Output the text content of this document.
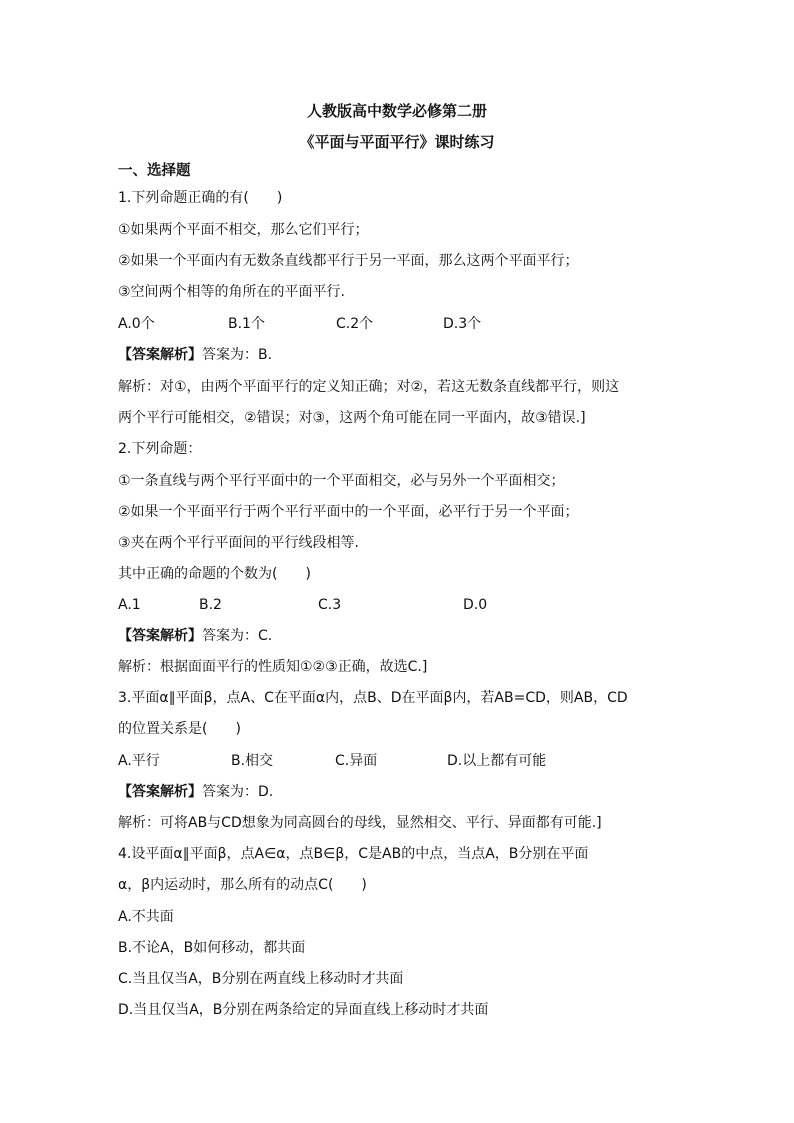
人教版高中数学必修第二册
《平面与平面平行》课时练习
一、选择题
1.下列命题正确的有(　　)
①如果两个平面不相交，那么它们平行；
②如果一个平面内有无数条直线都平行于另一平面，那么这两个平面平行；
③空间两个相等的角所在的平面平行.
A.0个	B.1个	C.2个	D.3个
【答案解析】答案为：B.
解析：对①，由两个平面平行的定义知正确；对②，若这无数条直线都平行，则这
两个平行可能相交，②错误；对③，这两个角可能在同一平面内，故③错误.]
2.下列命题：
①一条直线与两个平行平面中的一个平面相交，必与另外一个平面相交；
②如果一个平面平行于两个平行平面中的一个平面，必平行于另一个平面；
③夹在两个平行平面间的平行线段相等.
其中正确的命题的个数为(　　)
A.1	B.2	C.3	D.0
【答案解析】答案为：C.
解析：根据面面平行的性质知①②③正确，故选C.]
3.平面α∥平面β，点A、C在平面α内，点B、D在平面β内，若AB=CD，则AB，CD
的位置关系是(　　)
A.平行	B.相交	C.异面	D.以上都有可能
【答案解析】答案为：D.
解析：可将AB与CD想象为同高圆台的母线，显然相交、平行、异面都有可能.]
4.设平面α∥平面β，点A∈α，点B∈β，C是AB的中点，当点A，B分别在平面
α，β内运动时，那么所有的动点C(　　)
A.不共面
B.不论A，B如何移动，都共面
C.当且仅当A，B分别在两直线上移动时才共面
D.当且仅当A，B分别在两条给定的异面直线上移动时才共面
